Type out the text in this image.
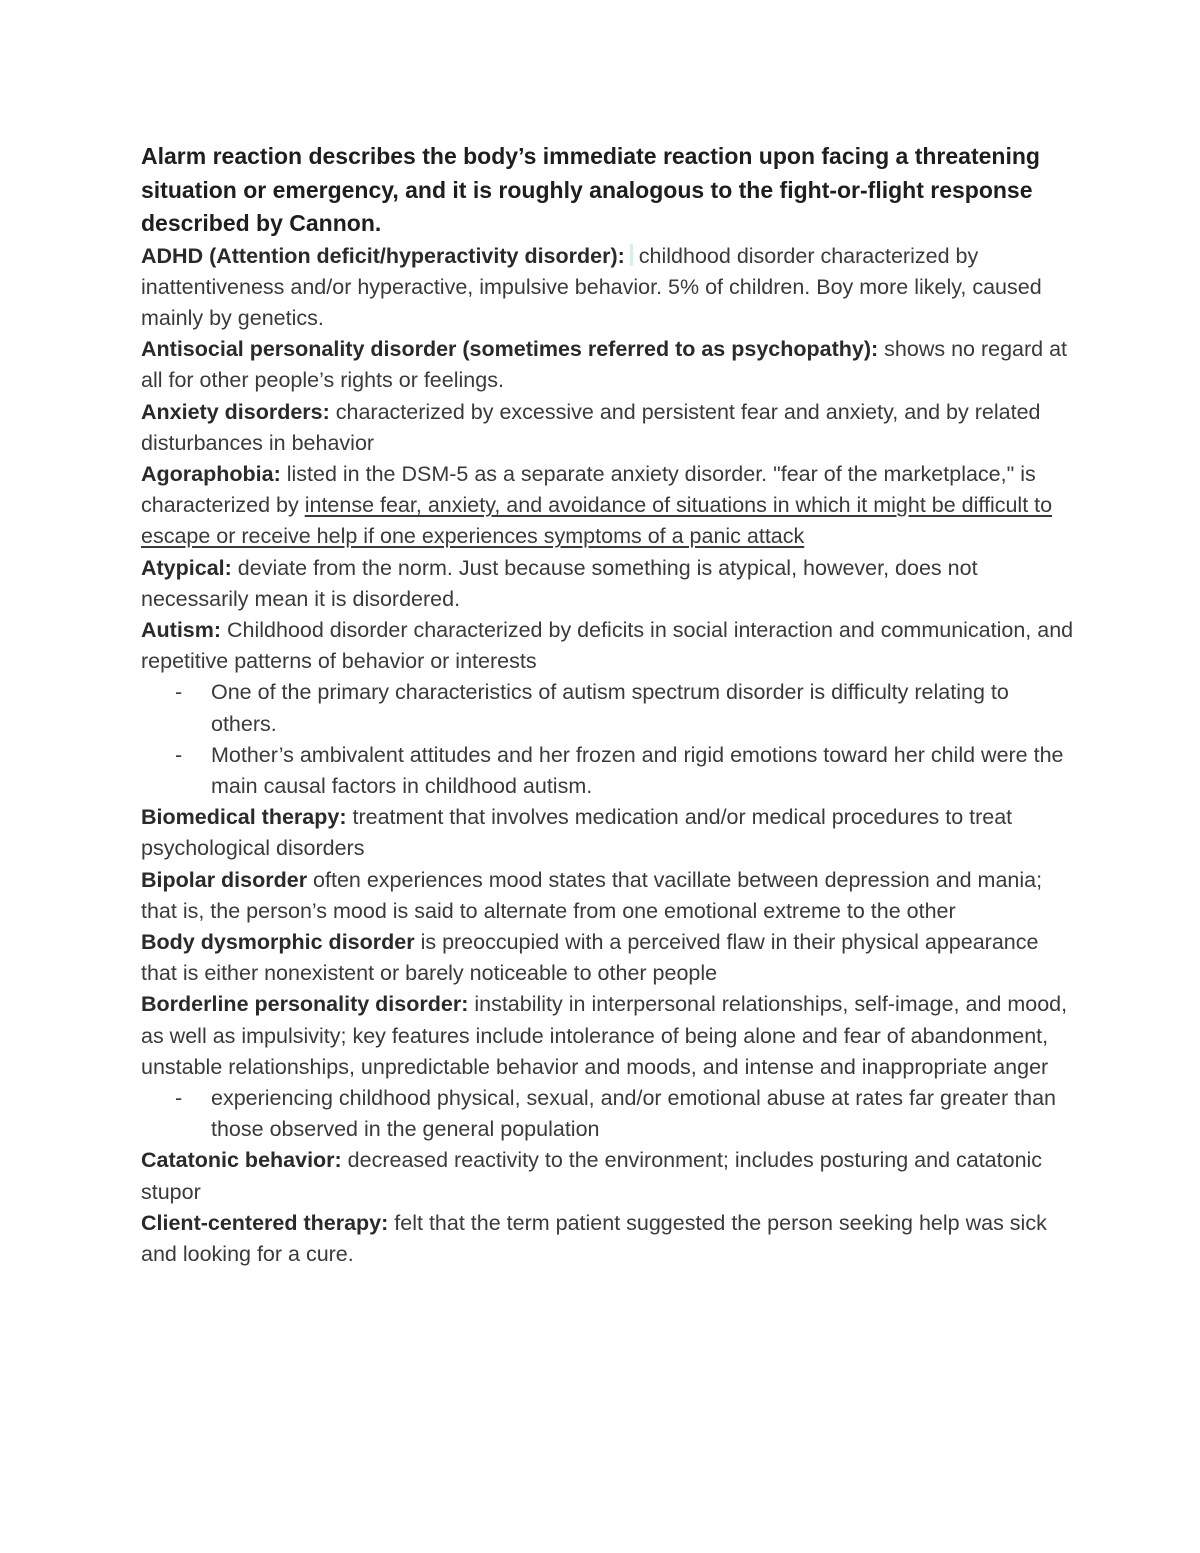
Alarm reaction describes the body’s immediate reaction upon facing a threatening situation or emergency, and it is roughly analogous to the fight-or-flight response described by Cannon.

ADHD (Attention deficit/hyperactivity disorder): childhood disorder characterized by inattentiveness and/or hyperactive, impulsive behavior. 5% of children. Boy more likely, caused mainly by genetics.

Antisocial personality disorder (sometimes referred to as psychopathy): shows no regard at all for other people’s rights or feelings.

Anxiety disorders: characterized by excessive and persistent fear and anxiety, and by related disturbances in behavior

Agoraphobia: listed in the DSM-5 as a separate anxiety disorder. "fear of the marketplace," is characterized by intense fear, anxiety, and avoidance of situations in which it might be difficult to escape or receive help if one experiences symptoms of a panic attack

Atypical: deviate from the norm. Just because something is atypical, however, does not necessarily mean it is disordered.

Autism: Childhood disorder characterized by deficits in social interaction and communication, and repetitive patterns of behavior or interests

- One of the primary characteristics of autism spectrum disorder is difficulty relating to others.
- Mother’s ambivalent attitudes and her frozen and rigid emotions toward her child were the main causal factors in childhood autism.

Biomedical therapy: treatment that involves medication and/or medical procedures to treat psychological disorders

Bipolar disorder often experiences mood states that vacillate between depression and mania; that is, the person’s mood is said to alternate from one emotional extreme to the other

Body dysmorphic disorder is preoccupied with a perceived flaw in their physical appearance that is either nonexistent or barely noticeable to other people

Borderline personality disorder: instability in interpersonal relationships, self-image, and mood, as well as impulsivity; key features include intolerance of being alone and fear of abandonment, unstable relationships, unpredictable behavior and moods, and intense and inappropriate anger

- experiencing childhood physical, sexual, and/or emotional abuse at rates far greater than those observed in the general population

Catatonic behavior: decreased reactivity to the environment; includes posturing and catatonic stupor

Client-centered therapy: felt that the term patient suggested the person seeking help was sick and looking for a cure.
